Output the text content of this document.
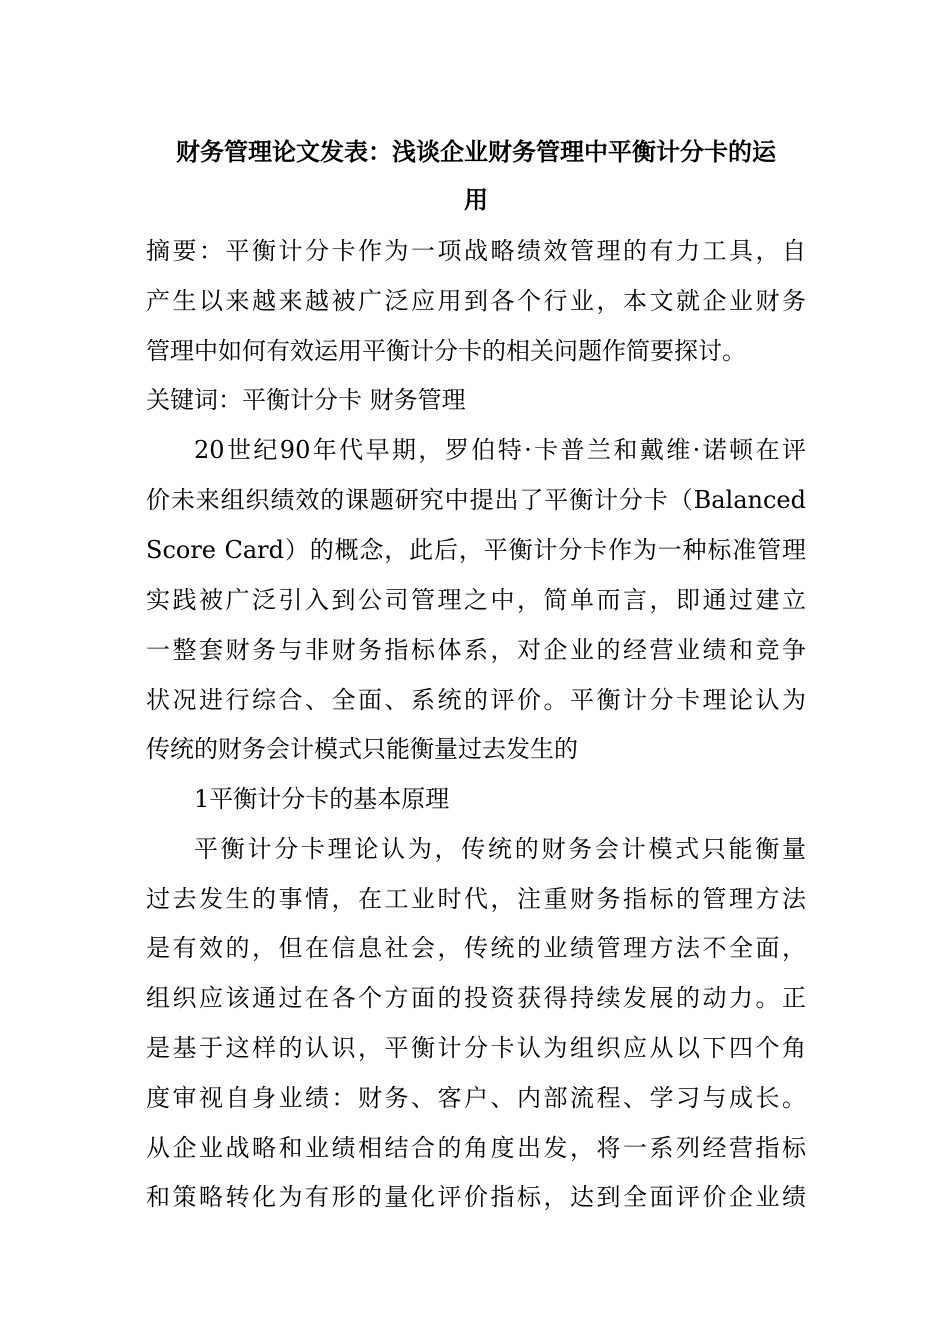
财务管理论文发表：浅谈企业财务管理中平衡计分卡的运
用
摘要：平衡计分卡作为一项战略绩效管理的有力工具，自
产生以来越来越被广泛应用到各个行业，本文就企业财务
管理中如何有效运用平衡计分卡的相关问题作简要探讨。
关键词：平衡计分卡 财务管理
20世纪90年代早期，罗伯特·卡普兰和戴维·诺顿在评
价未来组织绩效的课题研究中提出了平衡计分卡（Balanced
Score Card）的概念，此后，平衡计分卡作为一种标准管理
实践被广泛引入到公司管理之中，简单而言，即通过建立
一整套财务与非财务指标体系，对企业的经营业绩和竞争
状况进行综合、全面、系统的评价。平衡计分卡理论认为
传统的财务会计模式只能衡量过去发生的
1平衡计分卡的基本原理
平衡计分卡理论认为，传统的财务会计模式只能衡量
过去发生的事情，在工业时代，注重财务指标的管理方法
是有效的，但在信息社会，传统的业绩管理方法不全面，
组织应该通过在各个方面的投资获得持续发展的动力。正
是基于这样的认识，平衡计分卡认为组织应从以下四个角
度审视自身业绩：财务、客户、内部流程、学习与成长。
从企业战略和业绩相结合的角度出发，将一系列经营指标
和策略转化为有形的量化评价指标，达到全面评价企业绩
